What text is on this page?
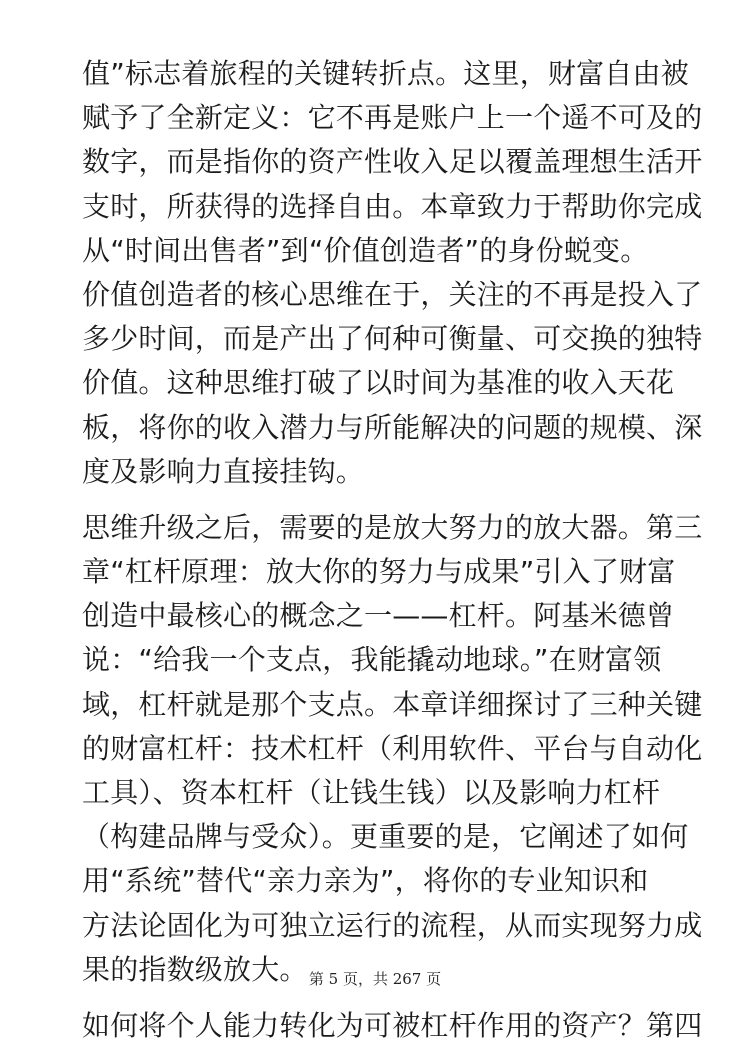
值”标志着旅程的关键转折点。这里，财富自由被
赋予了全新定义：它不再是账户上一个遥不可及的
数字，而是指你的资产性收入足以覆盖理想生活开
支时，所获得的选择自由。本章致力于帮助你完成
从“时间出售者”到“价值创造者”的身份蜕变。
价值创造者的核心思维在于，关注的不再是投入了
多少时间，而是产出了何种可衡量、可交换的独特
价值。这种思维打破了以时间为基准的收入天花
板，将你的收入潜力与所能解决的问题的规模、深
度及影响力直接挂钩。
思维升级之后，需要的是放大努力的放大器。第三
章“杠杆原理：放大你的努力与成果”引入了财富
创造中最核心的概念之一——杠杆。阿基米德曾
说：“给我一个支点，我能撬动地球。”在财富领
域，杠杆就是那个支点。本章详细探讨了三种关键
的财富杠杆：技术杠杆（利用软件、平台与自动化
工具）、资本杠杆（让钱生钱）以及影响力杠杆
（构建品牌与受众）。更重要的是，它阐述了如何
用“系统”替代“亲力亲为”，将你的专业知识和
方法论固化为可独立运行的流程，从而实现努力成
果的指数级放大。
如何将个人能力转化为可被杠杆作用的资产？第四
第 5 页，共 267 页
